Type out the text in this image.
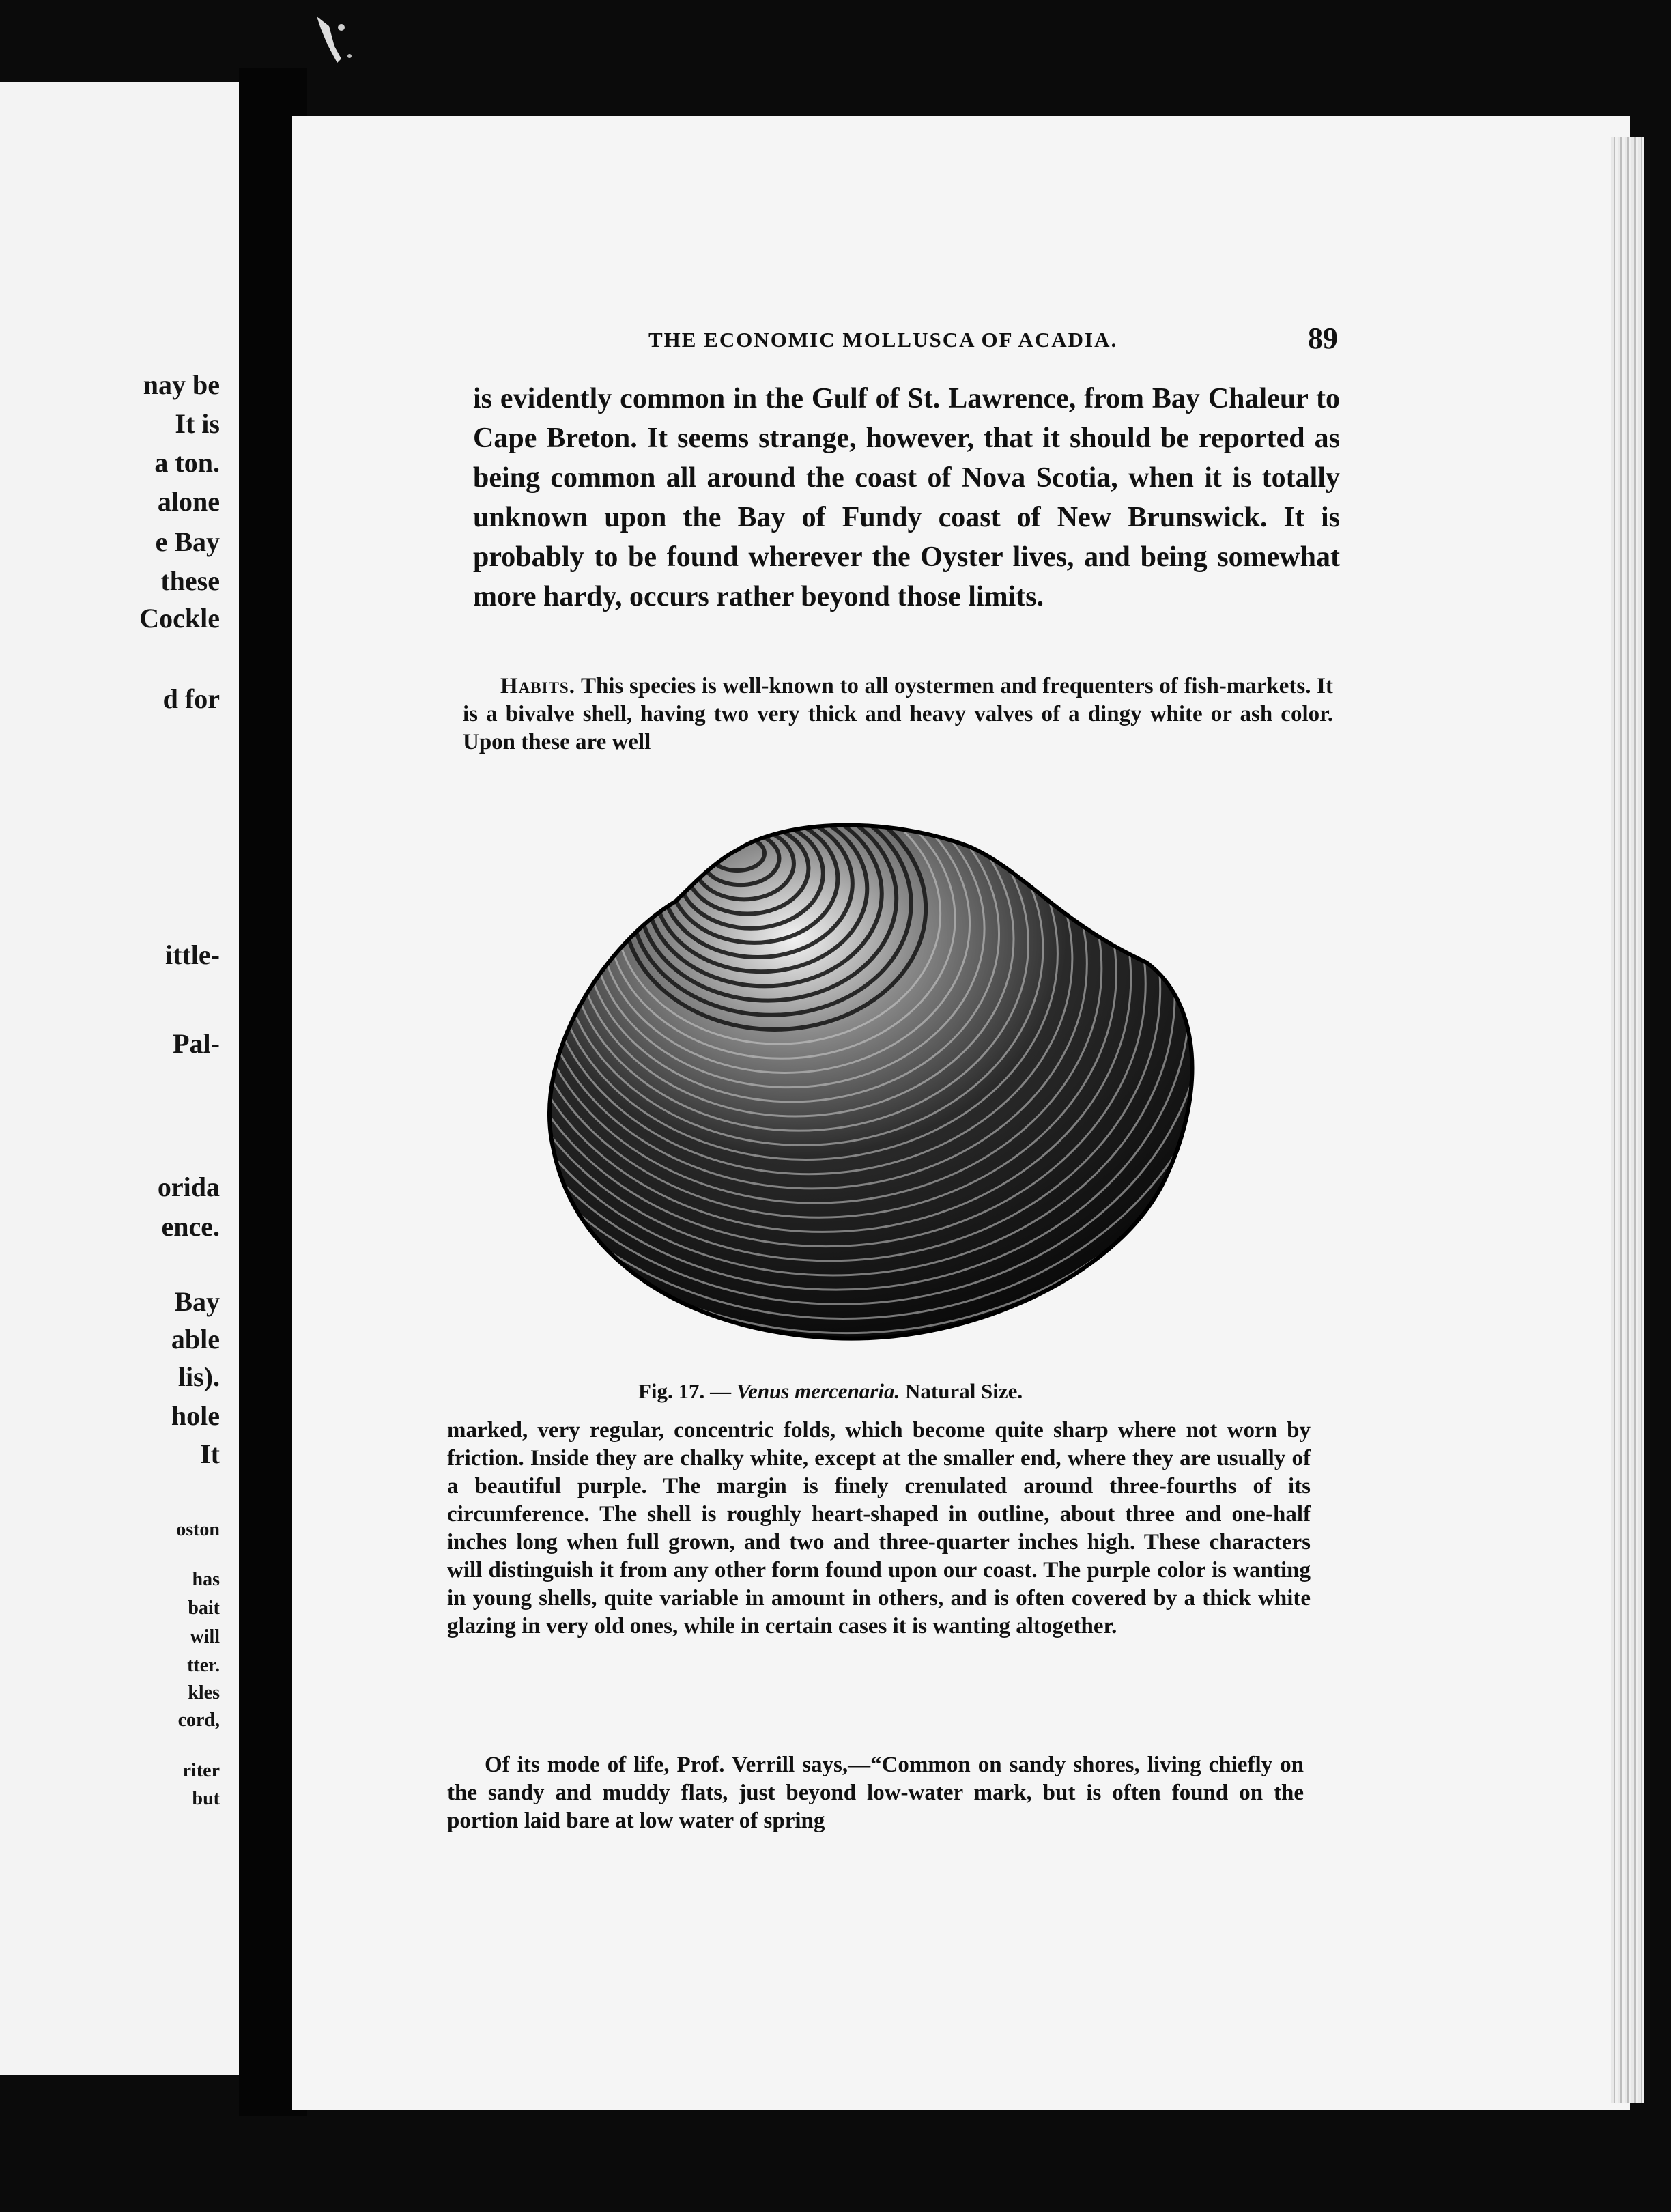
nay be
It is
a ton.
alone
e Bay
these
Cockle
d for
ittle-
Pal-
orida
ence.
Bay
able
lis).
hole
It
oston
has
bait
will
tter.
kles
cord,
riter
but
THE ECONOMIC MOLLUSCA OF ACADIA.	89

is evidently common in the Gulf of St. Lawrence, from Bay Chaleur to Cape Breton. It seems strange, however, that it should be reported as being common all around the coast of Nova Scotia, when it is totally unknown upon the Bay of Fundy coast of New Brunswick. It is probably to be found wherever the Oyster lives, and being somewhat more hardy, occurs rather beyond those limits.

Habits. This species is well-known to all oystermen and frequenters of fish-markets. It is a bivalve shell, having two very thick and heavy valves of a dingy white or ash color. Upon these are well

Fig. 17. — Venus mercenaria. Natural Size.

marked, very regular, concentric folds, which become quite sharp where not worn by friction. Inside they are chalky white, except at the smaller end, where they are usually of a beautiful purple. The margin is finely crenulated around three-fourths of its circumference. The shell is roughly heart-shaped in outline, about three and one-half inches long when full grown, and two and three-quarter inches high. These characters will distinguish it from any other form found upon our coast. The purple color is wanting in young shells, quite variable in amount in others, and is often covered by a thick white glazing in very old ones, while in certain cases it is wanting altogether.

Of its mode of life, Prof. Verrill says,—“Common on sandy shores, living chiefly on the sandy and muddy flats, just beyond low-water mark, but is often found on the portion laid bare at low water of spring
